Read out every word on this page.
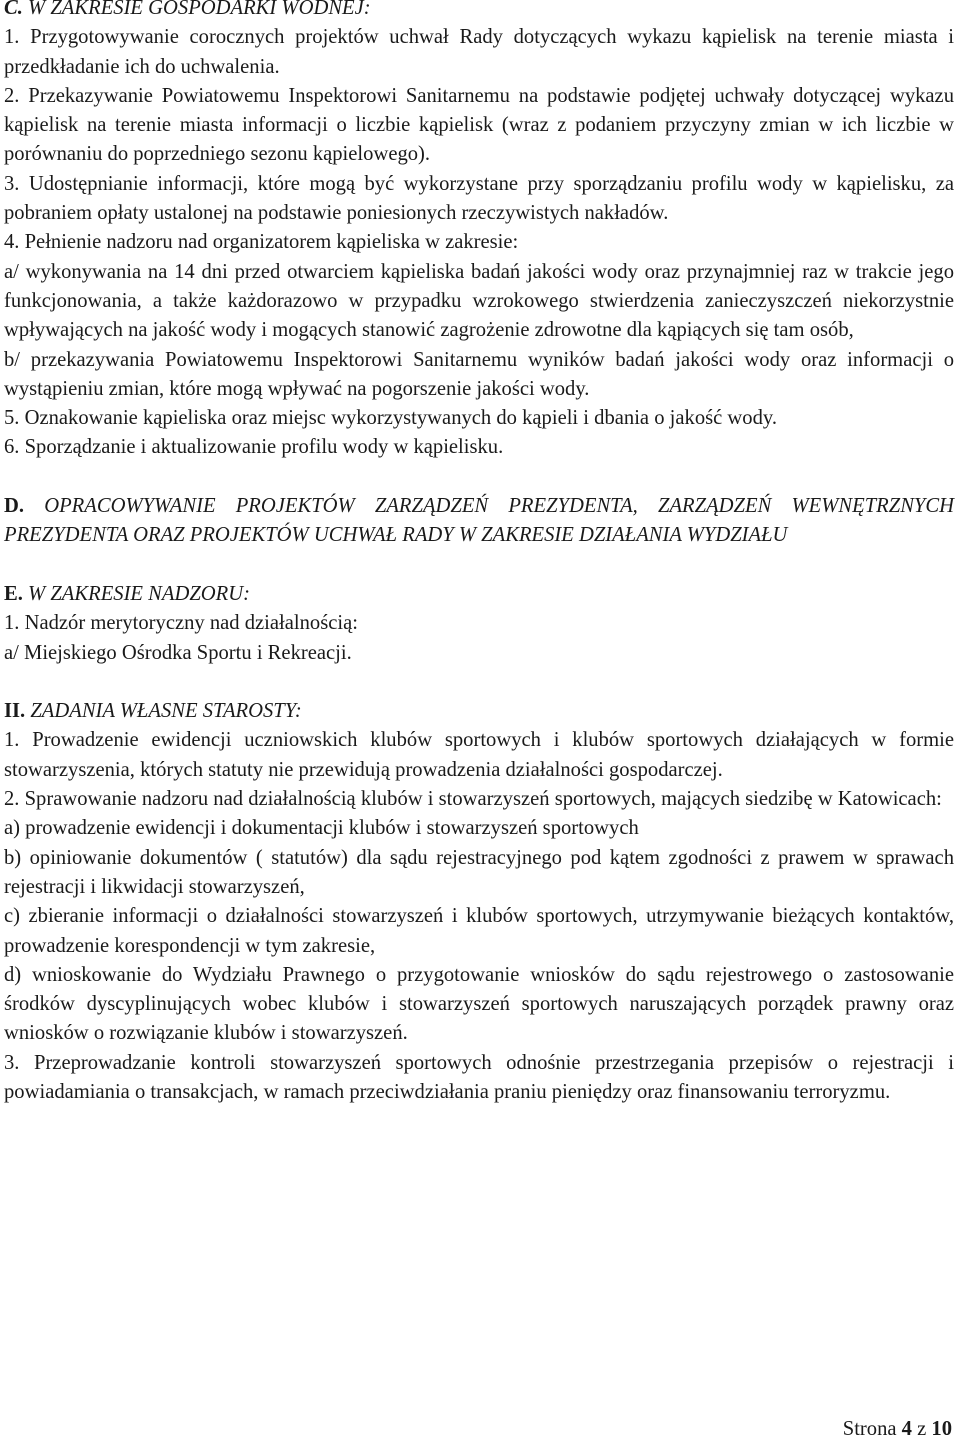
C. W ZAKRESIE GOSPODARKI WODNEJ:

1. Przygotowywanie corocznych projektów uchwał Rady dotyczących wykazu kąpielisk na terenie miasta i przedkładanie ich do uchwalenia.

2. Przekazywanie Powiatowemu Inspektorowi Sanitarnemu na podstawie podjętej uchwały dotyczącej wykazu kąpielisk na terenie miasta informacji o liczbie kąpielisk (wraz z podaniem przyczyny zmian w ich liczbie w porównaniu do poprzedniego sezonu kąpielowego).

3. Udostępnianie informacji, które mogą być wykorzystane przy sporządzaniu profilu wody w kąpielisku, za pobraniem opłaty ustalonej na podstawie poniesionych rzeczywistych nakładów.

4. Pełnienie nadzoru nad organizatorem kąpieliska w zakresie:

a/ wykonywania na 14 dni przed otwarciem kąpieliska badań jakości wody oraz przynajmniej raz w trakcie jego funkcjonowania, a także każdorazowo w przypadku wzrokowego stwierdzenia zanieczyszczeń niekorzystnie wpływających na jakość wody i mogących stanowić zagrożenie zdrowotne dla kąpiących się tam osób,

b/ przekazywania Powiatowemu Inspektorowi Sanitarnemu wyników badań jakości wody oraz informacji o wystąpieniu zmian, które mogą wpływać na pogorszenie jakości wody.

5. Oznakowanie kąpieliska oraz miejsc wykorzystywanych do kąpieli i dbania o jakość wody.

6. Sporządzanie i aktualizowanie profilu wody w kąpielisku.

D. OPRACOWYWANIE PROJEKTÓW ZARZĄDZEŃ PREZYDENTA, ZARZĄDZEŃ WEWNĘTRZNYCH PREZYDENTA ORAZ PROJEKTÓW UCHWAŁ RADY W ZAKRESIE DZIAŁANIA WYDZIAŁU

E. W ZAKRESIE NADZORU:

1. Nadzór merytoryczny nad działalnością:

a/ Miejskiego Ośrodka Sportu i Rekreacji.

II. ZADANIA WŁASNE STAROSTY:

1. Prowadzenie ewidencji uczniowskich klubów sportowych i klubów sportowych działających w formie stowarzyszenia, których statuty nie przewidują prowadzenia działalności gospodarczej.

2. Sprawowanie nadzoru nad działalnością klubów i stowarzyszeń sportowych, mających siedzibę w Katowicach:

a) prowadzenie ewidencji i dokumentacji klubów i stowarzyszeń sportowych

b) opiniowanie dokumentów ( statutów) dla sądu rejestracyjnego pod kątem zgodności z prawem w sprawach rejestracji i likwidacji stowarzyszeń,

c) zbieranie informacji o działalności stowarzyszeń i klubów sportowych, utrzymywanie bieżących kontaktów, prowadzenie korespondencji w tym zakresie,

d) wnioskowanie do Wydziału Prawnego o przygotowanie wniosków do sądu rejestrowego o zastosowanie środków dyscyplinujących wobec klubów i stowarzyszeń sportowych naruszających porządek prawny oraz wniosków o rozwiązanie klubów i stowarzyszeń.

3. Przeprowadzanie kontroli stowarzyszeń sportowych odnośnie przestrzegania przepisów o rejestracji i powiadamiania o transakcjach, w ramach przeciwdziałania praniu pieniędzy oraz finansowaniu terroryzmu.

Strona 4 z 10
